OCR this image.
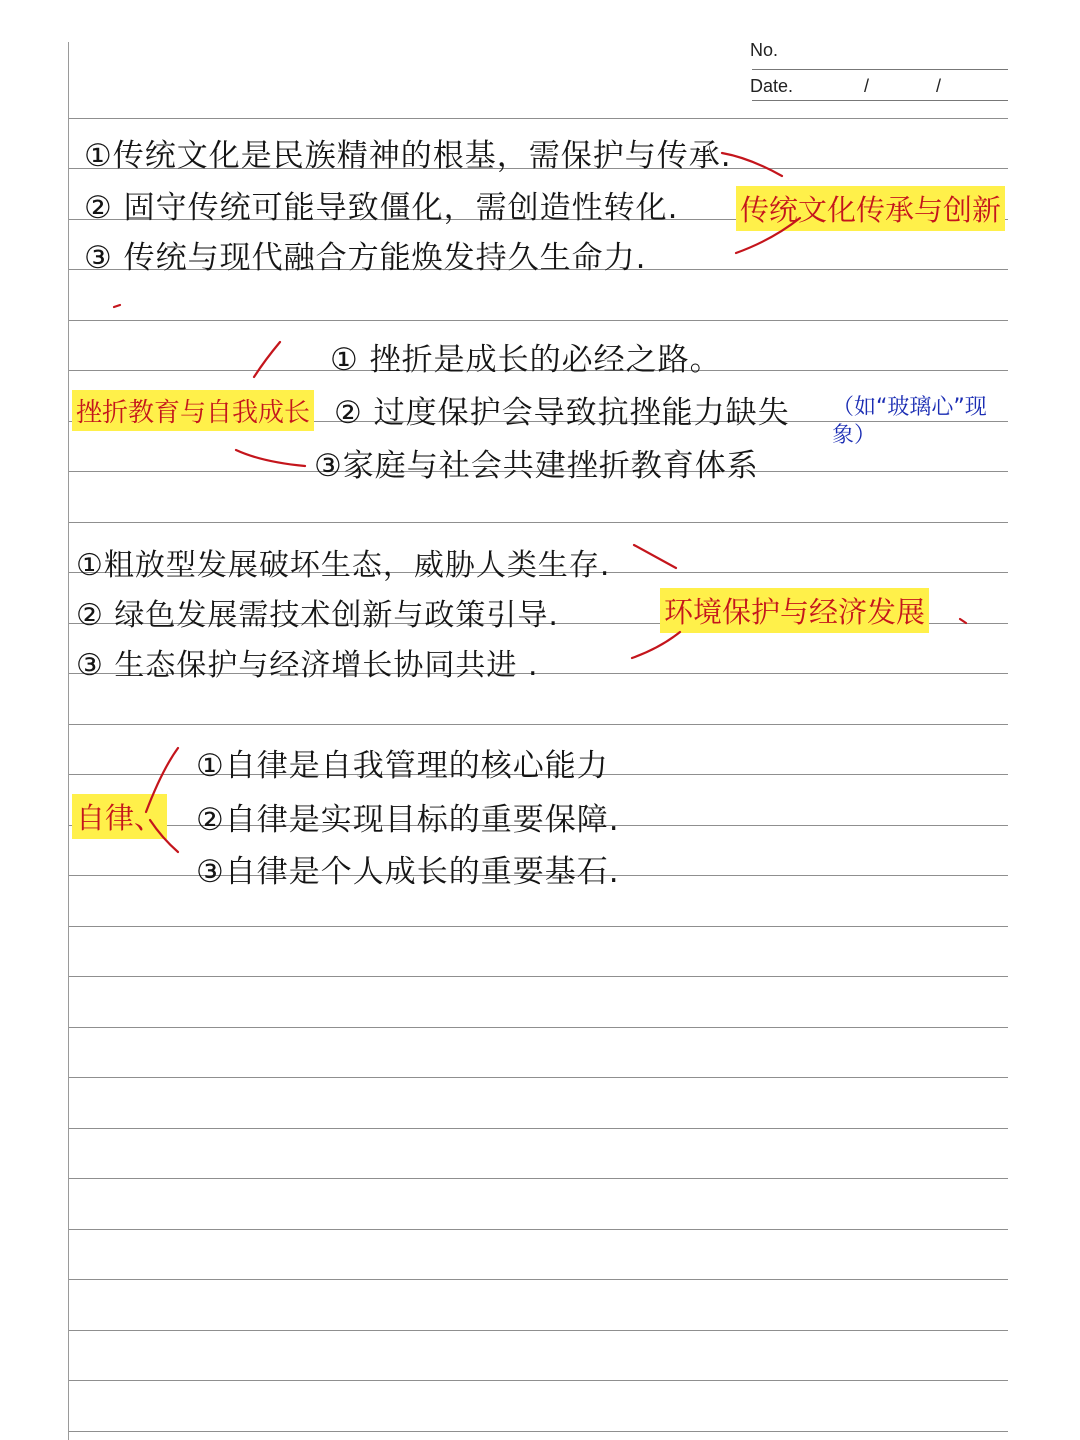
No.
Date.	/	/
①传统文化是民族精神的根基，需保护与传承.
② 固守传统可能导致僵化，需创造性转化.
③ 传统与现代融合方能焕发持久生命力.
传统文化传承与创新
① 挫折是成长的必经之路。
② 过度保护会导致抗挫能力缺失
③家庭与社会共建挫折教育体系
挫折教育与自我成长	（如“玻璃心”现象）
①粗放型发展破坏生态，威胁人类生存.
② 绿色发展需技术创新与政策引导.
③ 生态保护与经济增长协同共进 .
环境保护与经济发展
①自律是自我管理的核心能力
②自律是实现目标的重要保障.
③自律是个人成长的重要基石.
自律、
